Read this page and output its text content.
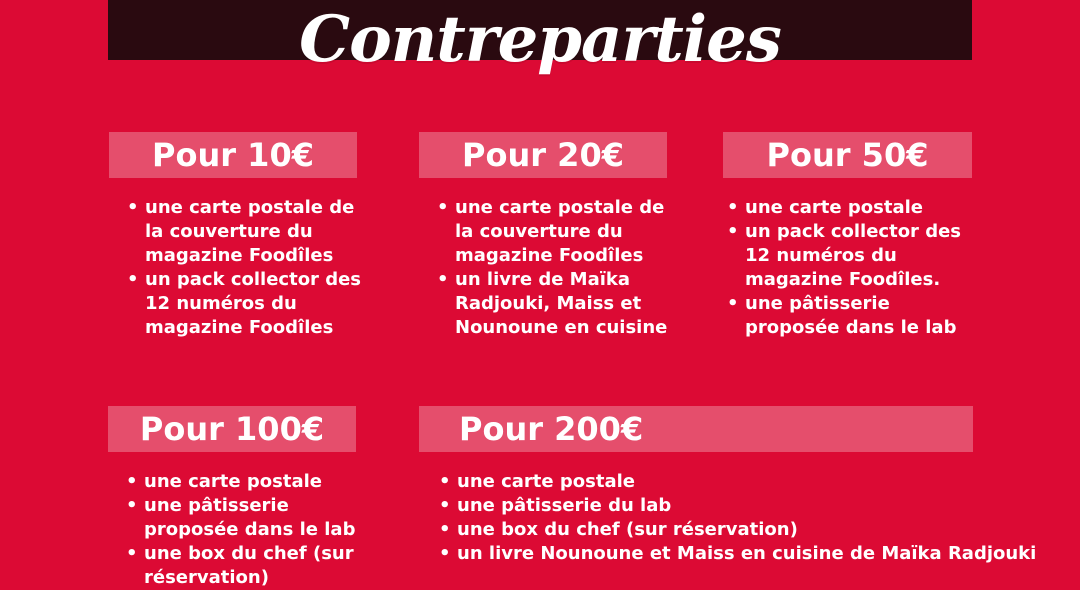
Contreparties
Pour 10€
• une carte postale de la couverture du magazine Foodîles
• un pack collector des 12 numéros du magazine Foodîles
Pour 20€
• une carte postale de la couverture du magazine Foodîles
• un livre de Maïka Radjouki, Maiss et Nounoune en cuisine
Pour 50€
• une carte postale
• un pack collector des 12 numéros du magazine Foodîles.
• une pâtisserie proposée dans le lab
Pour 100€
• une carte postale
• une pâtisserie proposée dans le lab
• une box du chef (sur réservation)
Pour 200€
• une carte postale
• une pâtisserie du lab
• une box du chef (sur réservation)
• un livre Nounoune et Maiss en cuisine de Maïka Radjouki
